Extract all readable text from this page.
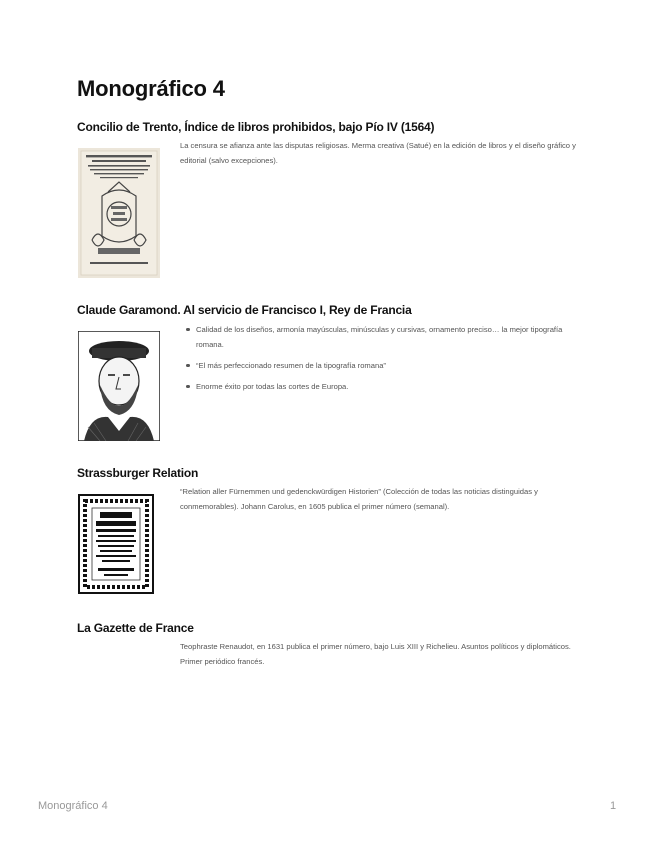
Monográfico 4
Concilio de Trento, Índice de libros prohibidos, bajo Pío IV (1564)

La censura se afianza ante las disputas religiosas. Merma creativa (Satué) en la edición de libros y el diseño gráfico y editorial (salvo excepciones).

Claude Garamond. Al servicio de Francisco I, Rey de Francia
Calidad de los diseños, armonía mayúsculas, minúsculas y cursivas, ornamento preciso… la mejor tipografía romana.
“El más perfeccionado resumen de la tipografía romana”
Enorme éxito por todas las cortes de Europa.
Strassburger Relation

“Relation aller Fürnemmen und gedenckwürdigen Historien” (Colección de todas las noticias distinguidas y conmemorables). Johann Carolus, en 1605 publica el primer número (semanal).

La Gazette de France

Teophraste Renaudot, en 1631 publica el primer número, bajo Luis XIII y Richelieu. Asuntos políticos y diplomáticos. Primer periódico francés.

Monográfico 4	1
